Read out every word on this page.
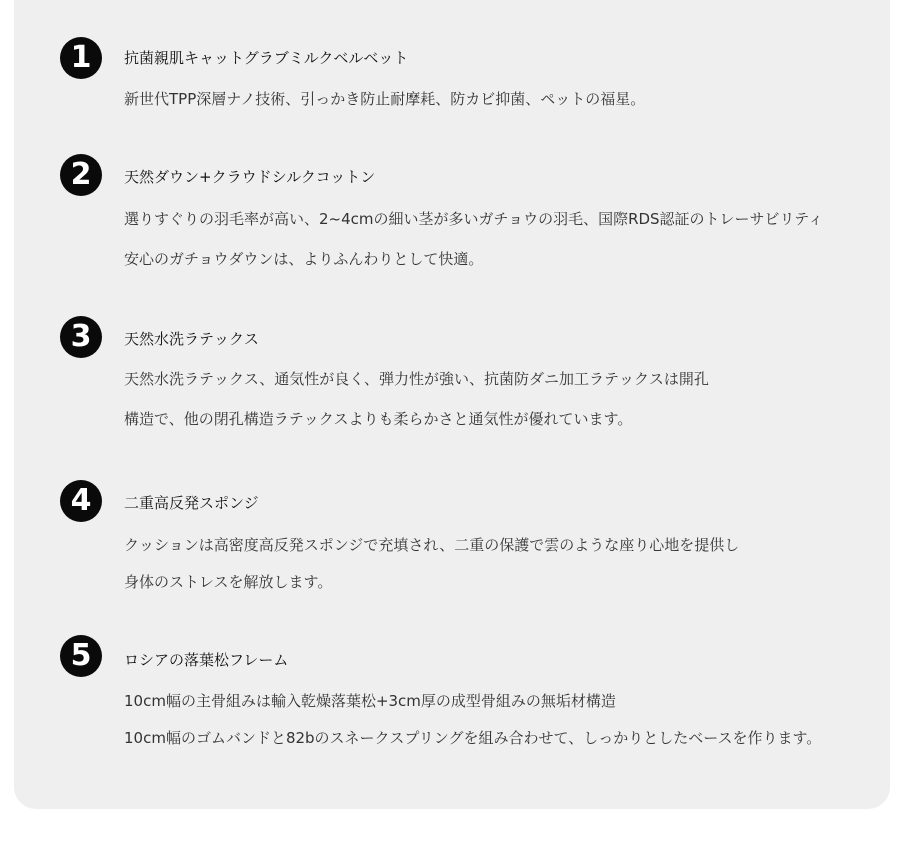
1	抗菌親肌キャットグラブミルクベルベット
新世代TPP深層ナノ技術、引っかき防止耐摩耗、防カビ抑菌、ペットの福星。
2	天然ダウン+クラウドシルクコットン
選りすぐりの羽毛率が高い、2~4cmの細い茎が多いガチョウの羽毛、国際RDS認証のトレーサビリティ
安心のガチョウダウンは、よりふんわりとして快適。
3	天然水洗ラテックス
天然水洗ラテックス、通気性が良く、弾力性が強い、抗菌防ダニ加工ラテックスは開孔
構造で、他の閉孔構造ラテックスよりも柔らかさと通気性が優れています。
4	二重高反発スポンジ
クッションは高密度高反発スポンジで充填され、二重の保護で雲のような座り心地を提供し
身体のストレスを解放します。
5	ロシアの落葉松フレーム
10cm幅の主骨組みは輸入乾燥落葉松+3cm厚の成型骨組みの無垢材構造
10cm幅のゴムバンドと82bのスネークスプリングを組み合わせて、しっかりとしたベースを作ります。
